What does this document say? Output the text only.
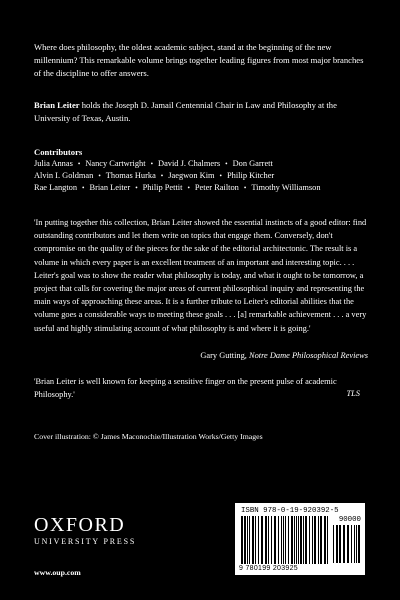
Where does philosophy, the oldest academic subject, stand at the beginning of the new millennium? This remarkable volume brings together leading figures from most major branches of the discipline to offer answers.

Brian Leiter holds the Joseph D. Jamail Centennial Chair in Law and Philosophy at the University of Texas, Austin.

Contributors
Julia Annas • Nancy Cartwright • David J. Chalmers • Don Garrett
Alvin I. Goldman • Thomas Hurka • Jaegwon Kim • Philip Kitcher
Rae Langton • Brian Leiter • Philip Pettit • Peter Railton • Timothy Williamson

'In putting together this collection, Brian Leiter showed the essential instincts of a good editor: find outstanding contributors and let them write on topics that engage them. Conversely, don't compromise on the quality of the pieces for the sake of the editorial architectonic. The result is a volume in which every paper is an excellent treatment of an important and interesting topic. . . . Leiter's goal was to show the reader what philosophy is today, and what it ought to be tomorrow, a project that calls for covering the major areas of current philosophical inquiry and representing the main ways of approaching these areas. It is a further tribute to Leiter's editorial abilities that the volume goes a considerable ways to meeting these goals . . . [a] remarkable achievement . . . a very useful and highly stimulating account of what philosophy is and where it is going.'

Gary Gutting, Notre Dame Philosophical Reviews

'Brian Leiter is well known for keeping a sensitive finger on the present pulse of academic Philosophy.'	TLS
Cover illustration: © James Maconochie/Illustration Works/Getty Images
OXFORD
UNIVERSITY PRESS
www.oup.com
ISBN 978-0-19-920392-5
90000
9 780199 203925
